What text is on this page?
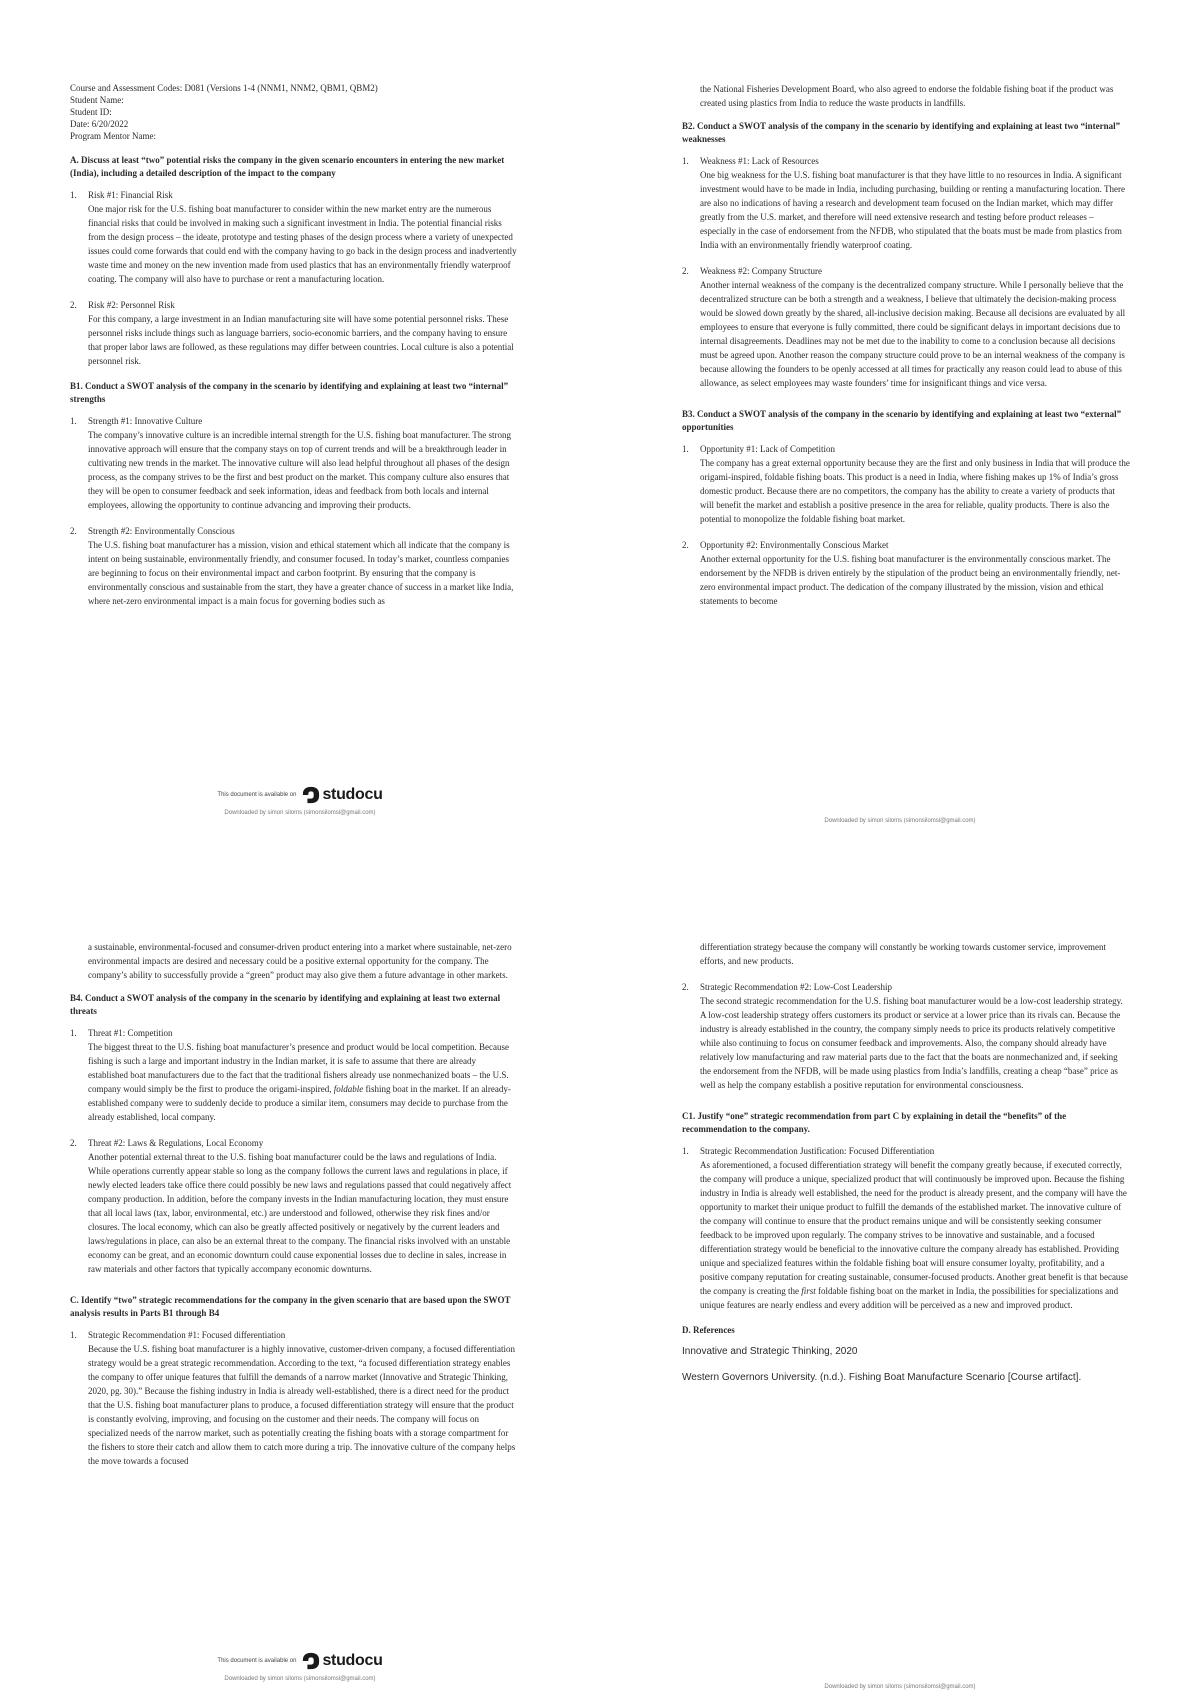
Course and Assessment Codes: D081 (Versions 1-4 (NNM1, NNM2, QBM1, QBM2)

Student Name:

Student ID:

Date: 6/20/2022

Program Mentor Name:

A. Discuss at least “two” potential risks the company in the given scenario encounters in entering the new market (India), including a detailed description of the impact to the company

1. Risk #1: Financial Risk

One major risk for the U.S. fishing boat manufacturer to consider within the new market entry are the numerous financial risks that could be involved in making such a significant investment in India. The potential financial risks from the design process – the ideate, prototype and testing phases of the design process where a variety of unexpected issues could come forwards that could end with the company having to go back in the design process and inadvertently waste time and money on the new invention made from used plastics that has an environmentally friendly waterproof coating. The company will also have to purchase or rent a manufacturing location.

2. Risk #2: Personnel Risk

For this company, a large investment in an Indian manufacturing site will have some potential personnel risks. These personnel risks include things such as language barriers, socio-economic barriers, and the company having to ensure that proper labor laws are followed, as these regulations may differ between countries. Local culture is also a potential personnel risk.

B1. Conduct a SWOT analysis of the company in the scenario by identifying and explaining at least two “internal” strengths

1. Strength #1: Innovative Culture

The company’s innovative culture is an incredible internal strength for the U.S. fishing boat manufacturer. The strong innovative approach will ensure that the company stays on top of current trends and will be a breakthrough leader in cultivating new trends in the market. The innovative culture will also lead helpful throughout all phases of the design process, as the company strives to be the first and best product on the market. This company culture also ensures that they will be open to consumer feedback and seek information, ideas and feedback from both locals and internal employees, allowing the opportunity to continue advancing and improving their products.

2. Strength #2: Environmentally Conscious

The U.S. fishing boat manufacturer has a mission, vision and ethical statement which all indicate that the company is intent on being sustainable, environmentally friendly, and consumer focused. In today’s market, countless companies are beginning to focus on their environmental impact and carbon footprint. By ensuring that the company is environmentally conscious and sustainable from the start, they have a greater chance of success in a market like India, where net-zero environmental impact is a main focus for governing bodies such as

This document is available on studocu
Downloaded by simon siloms (simonsilomsl@gmail.com)

the National Fisheries Development Board, who also agreed to endorse the foldable fishing boat if the product was created using plastics from India to reduce the waste products in landfills.

B2. Conduct a SWOT analysis of the company in the scenario by identifying and explaining at least two “internal” weaknesses

1. Weakness #1: Lack of Resources

One big weakness for the U.S. fishing boat manufacturer is that they have little to no resources in India. A significant investment would have to be made in India, including purchasing, building or renting a manufacturing location. There are also no indications of having a research and development team focused on the Indian market, which may differ greatly from the U.S. market, and therefore will need extensive research and testing before product releases – especially in the case of endorsement from the NFDB, who stipulated that the boats must be made from plastics from India with an environmentally friendly waterproof coating.

2. Weakness #2: Company Structure

Another internal weakness of the company is the decentralized company structure. While I personally believe that the decentralized structure can be both a strength and a weakness, I believe that ultimately the decision-making process would be slowed down greatly by the shared, all-inclusive decision making. Because all decisions are evaluated by all employees to ensure that everyone is fully committed, there could be significant delays in important decisions due to internal disagreements. Deadlines may not be met due to the inability to come to a conclusion because all decisions must be agreed upon. Another reason the company structure could prove to be an internal weakness of the company is because allowing the founders to be openly accessed at all times for practically any reason could lead to abuse of this allowance, as select employees may waste founders’ time for insignificant things and vice versa.

B3. Conduct a SWOT analysis of the company in the scenario by identifying and explaining at least two “external” opportunities

1. Opportunity #1: Lack of Competition

The company has a great external opportunity because they are the first and only business in India that will produce the origami-inspired, foldable fishing boats. This product is a need in India, where fishing makes up 1% of India’s gross domestic product. Because there are no competitors, the company has the ability to create a variety of products that will benefit the market and establish a positive presence in the area for reliable, quality products. There is also the potential to monopolize the foldable fishing boat market.

2. Opportunity #2: Environmentally Conscious Market

Another external opportunity for the U.S. fishing boat manufacturer is the environmentally conscious market. The endorsement by the NFDB is driven entirely by the stipulation of the product being an environmentally friendly, net-zero environmental impact product. The dedication of the company illustrated by the mission, vision and ethical statements to become

Downloaded by simon siloms (simonsilomsl@gmail.com)

a sustainable, environmental-focused and consumer-driven product entering into a market where sustainable, net-zero environmental impacts are desired and necessary could be a positive external opportunity for the company. The company’s ability to successfully provide a “green” product may also give them a future advantage in other markets.

B4. Conduct a SWOT analysis of the company in the scenario by identifying and explaining at least two external threats

1. Threat #1: Competition

The biggest threat to the U.S. fishing boat manufacturer’s presence and product would be local competition. Because fishing is such a large and important industry in the Indian market, it is safe to assume that there are already established boat manufacturers due to the fact that the traditional fishers already use nonmechanized boats – the U.S. company would simply be the first to produce the origami-inspired, foldable fishing boat in the market. If an already-established company were to suddenly decide to produce a similar item, consumers may decide to purchase from the already established, local company.

2. Threat #2: Laws & Regulations, Local Economy

Another potential external threat to the U.S. fishing boat manufacturer could be the laws and regulations of India. While operations currently appear stable so long as the company follows the current laws and regulations in place, if newly elected leaders take office there could possibly be new laws and regulations passed that could negatively affect company production. In addition, before the company invests in the Indian manufacturing location, they must ensure that all local laws (tax, labor, environmental, etc.) are understood and followed, otherwise they risk fines and/or closures. The local economy, which can also be greatly affected positively or negatively by the current leaders and laws/regulations in place, can also be an external threat to the company. The financial risks involved with an unstable economy can be great, and an economic downturn could cause exponential losses due to decline in sales, increase in raw materials and other factors that typically accompany economic downturns.

C. Identify “two” strategic recommendations for the company in the given scenario that are based upon the SWOT analysis results in Parts B1 through B4

1. Strategic Recommendation #1: Focused differentiation

Because the U.S. fishing boat manufacturer is a highly innovative, customer-driven company, a focused differentiation strategy would be a great strategic recommendation. According to the text, “a focused differentiation strategy enables the company to offer unique features that fulfill the demands of a narrow market (Innovative and Strategic Thinking, 2020, pg. 30).” Because the fishing industry in India is already well-established, there is a direct need for the product that the U.S. fishing boat manufacturer plans to produce, a focused differentiation strategy will ensure that the product is constantly evolving, improving, and focusing on the customer and their needs. The company will focus on specialized needs of the narrow market, such as potentially creating the fishing boats with a storage compartment for the fishers to store their catch and allow them to catch more during a trip. The innovative culture of the company helps the move towards a focused

This document is available on studocu
Downloaded by simon siloms (simonsilomsl@gmail.com)

differentiation strategy because the company will constantly be working towards customer service, improvement efforts, and new products.

2. Strategic Recommendation #2: Low-Cost Leadership

The second strategic recommendation for the U.S. fishing boat manufacturer would be a low-cost leadership strategy. A low-cost leadership strategy offers customers its product or service at a lower price than its rivals can. Because the industry is already established in the country, the company simply needs to price its products relatively competitive while also continuing to focus on consumer feedback and improvements. Also, the company should already have relatively low manufacturing and raw material parts due to the fact that the boats are nonmechanized and, if seeking the endorsement from the NFDB, will be made using plastics from India’s landfills, creating a cheap “base” price as well as help the company establish a positive reputation for environmental consciousness.

C1. Justify “one” strategic recommendation from part C by explaining in detail the “benefits” of the recommendation to the company.

1. Strategic Recommendation Justification: Focused Differentiation

As aforementioned, a focused differentiation strategy will benefit the company greatly because, if executed correctly, the company will produce a unique, specialized product that will continuously be improved upon. Because the fishing industry in India is already well established, the need for the product is already present, and the company will have the opportunity to market their unique product to fulfill the demands of the established market. The innovative culture of the company will continue to ensure that the product remains unique and will be consistently seeking consumer feedback to be improved upon regularly. The company strives to be innovative and sustainable, and a focused differentiation strategy would be beneficial to the innovative culture the company already has established. Providing unique and specialized features within the foldable fishing boat will ensure consumer loyalty, profitability, and a positive company reputation for creating sustainable, consumer-focused products. Another great benefit is that because the company is creating the first foldable fishing boat on the market in India, the possibilities for specializations and unique features are nearly endless and every addition will be perceived as a new and improved product.

D. References

Innovative and Strategic Thinking, 2020

Western Governors University. (n.d.). Fishing Boat Manufacture Scenario [Course artifact].

Downloaded by simon siloms (simonsilomsl@gmail.com)
